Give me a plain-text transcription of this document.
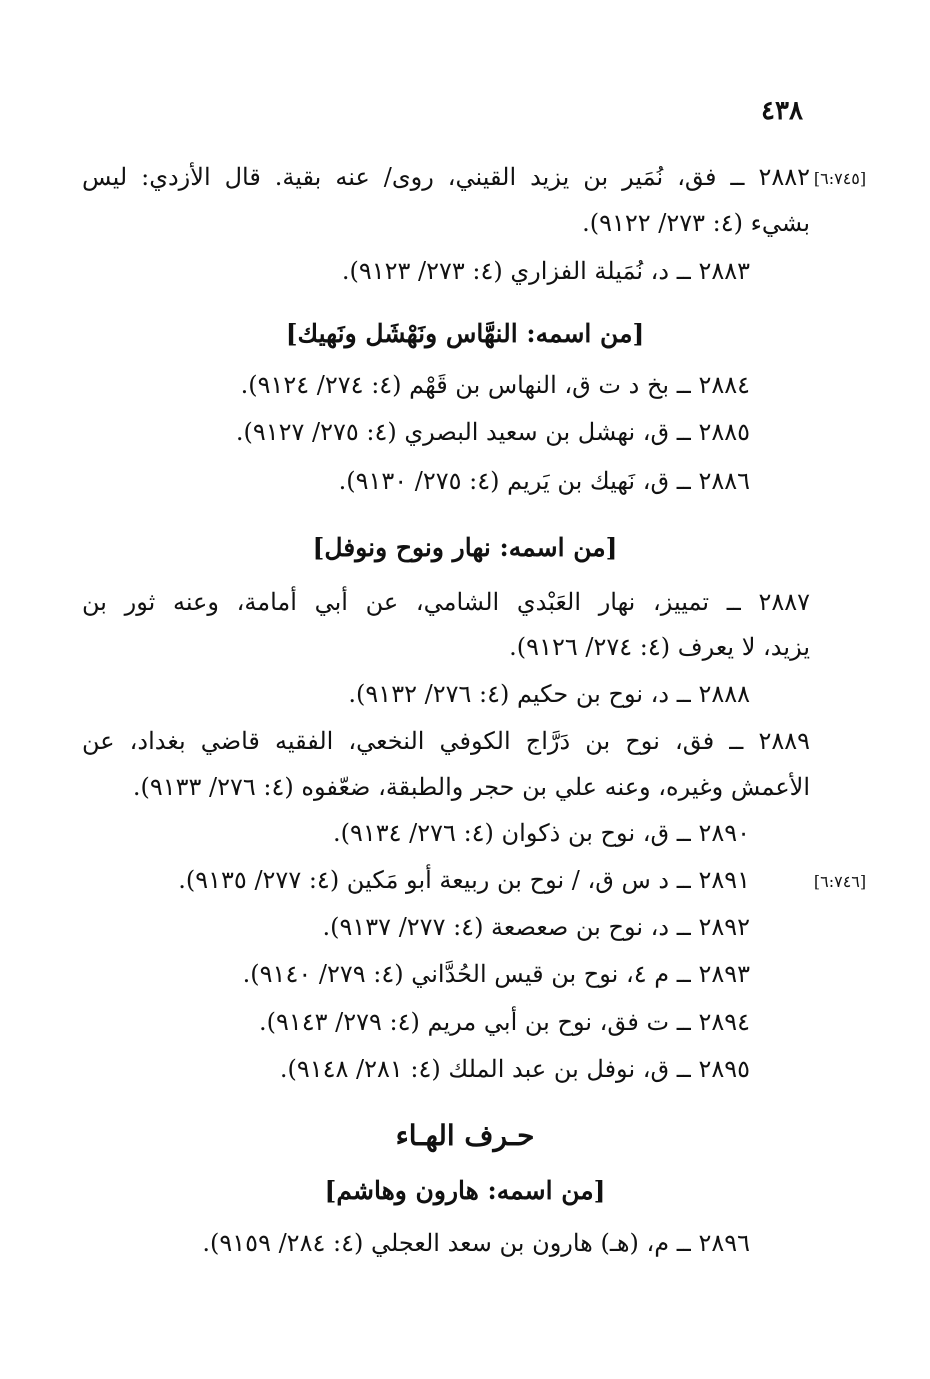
٤٣٨
[٦:٧٤٥]
[٦:٧٤٦]
٢٨٨٢ ــ فق، نُمَير بن يزيد القيني، روى/ عنه بقية. قال الأزدي: ليس
بشيء (٤: ٢٧٣/ ٩١٢٢).
٢٨٨٣ ــ د، نُمَيلة الفزاري (٤: ٢٧٣/ ٩١٢٣).
[من اسمه: النهَّاس ونَهْشَل ونَهيك]
٢٨٨٤ ــ بخ د ت ق، النهاس بن قَهْم (٤: ٢٧٤/ ٩١٢٤).
٢٨٨٥ ــ ق، نهشل بن سعيد البصري (٤: ٢٧٥/ ٩١٢٧).
٢٨٨٦ ــ ق، نَهيك بن يَريم (٤: ٢٧٥/ ٩١٣٠).
[من اسمه: نهار ونوح ونوفل]
٢٨٨٧ ــ تمييز، نهار العَبْدي الشامي، عن أبي أمامة، وعنه ثور بن
يزيد، لا يعرف (٤: ٢٧٤/ ٩١٢٦).
٢٨٨٨ ــ د، نوح بن حكيم (٤: ٢٧٦/ ٩١٣٢).
٢٨٨٩ ــ فق، نوح بن دَرَّاج الكوفي النخعي، الفقيه قاضي بغداد، عن
الأعمش وغيره، وعنه علي بن حجر والطبقة، ضعّفوه (٤: ٢٧٦/ ٩١٣٣).
٢٨٩٠ ــ ق، نوح بن ذكوان (٤: ٢٧٦/ ٩١٣٤).
٢٨٩١ ــ د س ق، / نوح بن ربيعة أبو مَكين (٤: ٢٧٧/ ٩١٣٥).
٢٨٩٢ ــ د، نوح بن صعصعة (٤: ٢٧٧/ ٩١٣٧).
٢٨٩٣ ــ م ٤، نوح بن قيس الحُدَّاني (٤: ٢٧٩/ ٩١٤٠).
٢٨٩٤ ــ ت فق، نوح بن أبي مريم (٤: ٢٧٩/ ٩١٤٣).
٢٨٩٥ ــ ق، نوفل بن عبد الملك (٤: ٢٨١/ ٩١٤٨).
حـرف الهـاء
[من اسمه: هارون وهاشم]
٢٨٩٦ ــ م، (هـ) هارون بن سعد العجلي (٤: ٢٨٤/ ٩١٥٩).
